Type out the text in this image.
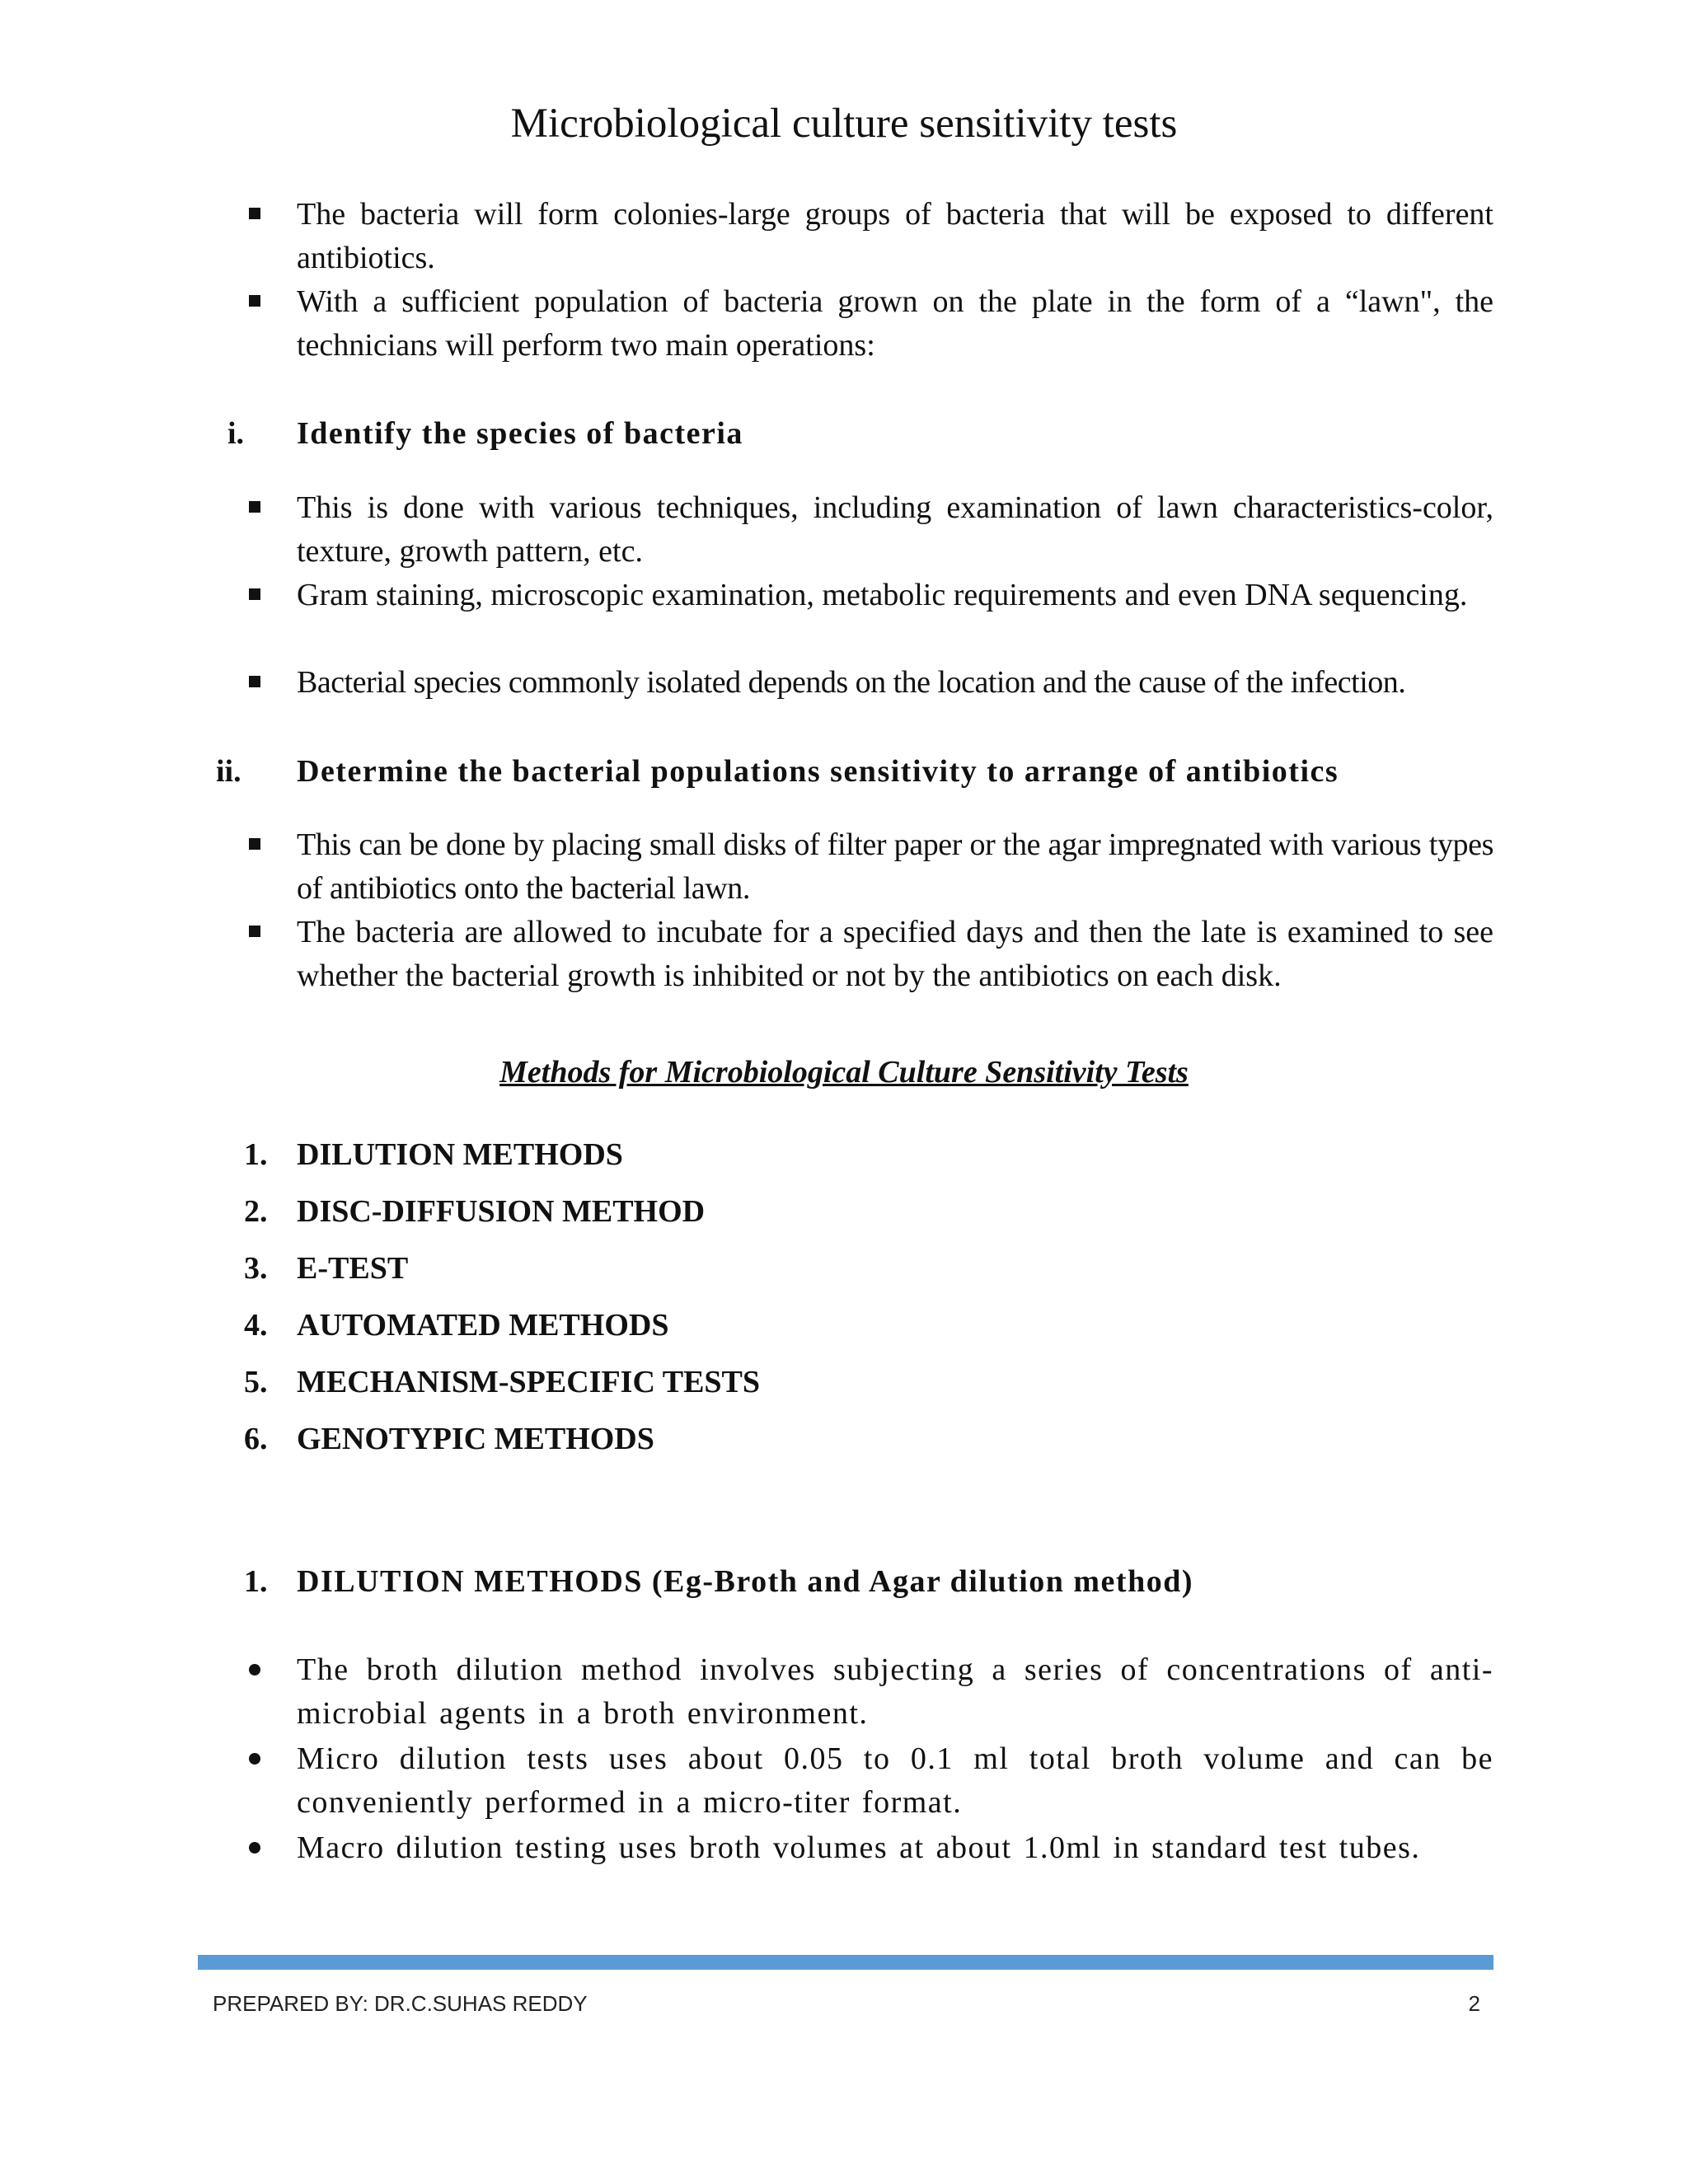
Microbiological culture sensitivity tests
The bacteria will form colonies-large groups of bacteria that will be exposed to different antibiotics.
With a sufficient population of bacteria grown on the plate in the form of a “lawn", the technicians will perform two main operations:
i. Identify the species of bacteria
This is done with various techniques, including examination of lawn characteristics-color, texture, growth pattern, etc.
Gram staining, microscopic examination, metabolic requirements and even DNA sequencing.
Bacterial species commonly isolated depends on the location and the cause of the infection.
ii. Determine the bacterial populations sensitivity to arrange of antibiotics
This can be done by placing small disks of filter paper or the agar impregnated with various types of antibiotics onto the bacterial lawn.
The bacteria are allowed to incubate for a specified days and then the late is examined to see whether the bacterial growth is inhibited or not by the antibiotics on each disk.
Methods for Microbiological Culture Sensitivity Tests
1. DILUTION METHODS
2. DISC-DIFFUSION METHOD
3. E-TEST
4. AUTOMATED METHODS
5. MECHANISM-SPECIFIC TESTS
6. GENOTYPIC METHODS
1. DILUTION METHODS (Eg-Broth and Agar dilution method)
The broth dilution method involves subjecting a series of concentrations of anti-microbial agents in a broth environment.
Micro dilution tests uses about 0.05 to 0.1 ml total broth volume and can be conveniently performed in a micro-titer format.
Macro dilution testing uses broth volumes at about 1.0ml in standard test tubes.
PREPARED BY: DR.C.SUHAS REDDY	2
